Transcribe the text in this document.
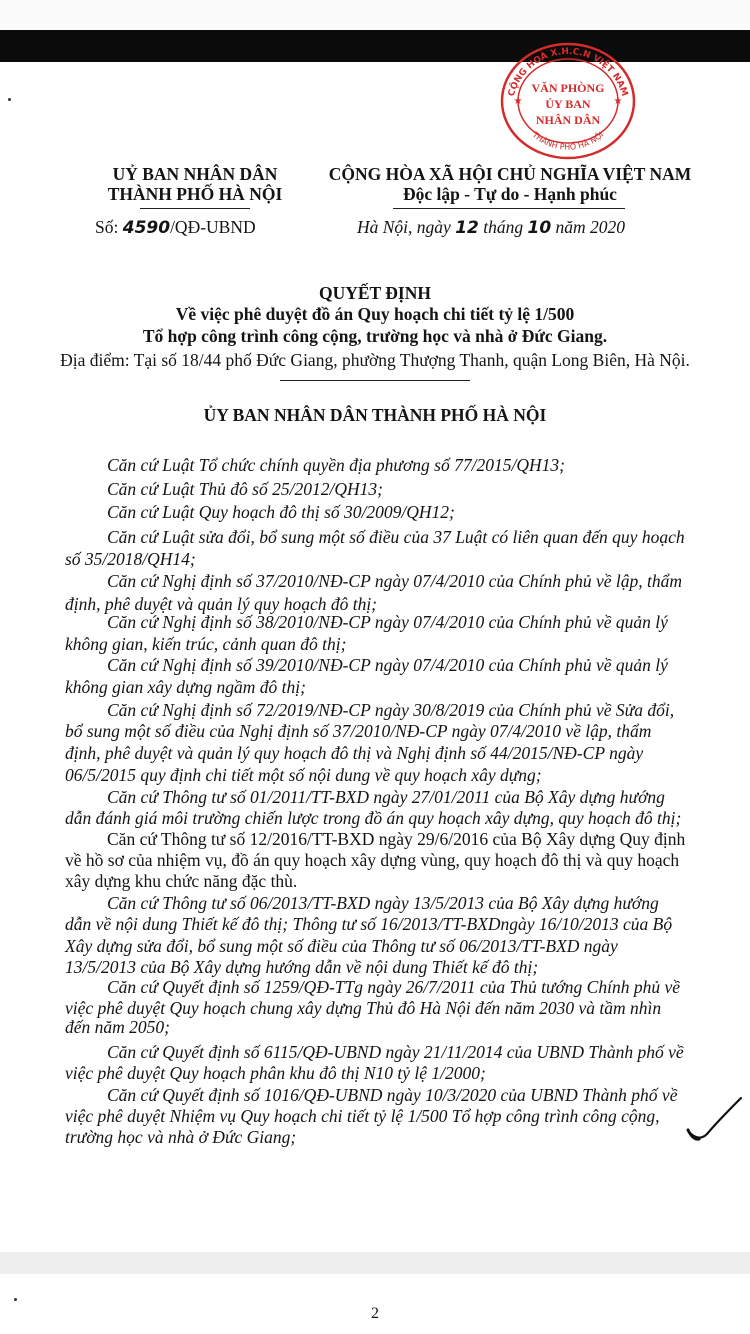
CỘNG HOÀ X.H.C.N VIỆT NAM
THÀNH PHỐ HÀ NỘI
VĂN PHÒNG
ỦY BAN
NHÂN DÂN
★	★
UỶ BAN NHÂN DÂN
THÀNH PHỐ HÀ NỘI
CỘNG HÒA XÃ HỘI CHỦ NGHĨA VIỆT NAM
Độc lập - Tự do - Hạnh phúc
Số: 4590/QĐ-UBND	Hà Nội, ngày 12 tháng 10 năm 2020
QUYẾT ĐỊNH
Về việc phê duyệt đồ án Quy hoạch chi tiết tỷ lệ 1/500
Tổ hợp công trình công cộng, trường học và nhà ở Đức Giang.
Địa điểm: Tại số 18/44 phố Đức Giang, phường Thượng Thanh, quận Long Biên, Hà Nội.
ỦY BAN NHÂN DÂN THÀNH PHỐ HÀ NỘI
Căn cứ Luật Tổ chức chính quyền địa phương số 77/2015/QH13;
Căn cứ Luật Thủ đô số 25/2012/QH13;
Căn cứ Luật Quy hoạch đô thị số 30/2009/QH12;
Căn cứ Luật sửa đổi, bổ sung một số điều của 37 Luật có liên quan đến quy hoạch
số 35/2018/QH14;
Căn cứ Nghị định số 37/2010/NĐ-CP ngày 07/4/2010 của Chính phủ về lập, thẩm
định, phê duyệt và quản lý quy hoạch đô thị;
Căn cứ Nghị định số 38/2010/NĐ-CP ngày 07/4/2010 của Chính phủ về quản lý
không gian, kiến trúc, cảnh quan đô thị;
Căn cứ Nghị định số 39/2010/NĐ-CP ngày 07/4/2010 của Chính phủ về quản lý
không gian xây dựng ngầm đô thị;
Căn cứ Nghị định số 72/2019/NĐ-CP ngày 30/8/2019 của Chính phủ về Sửa đổi,
bổ sung một số điều của Nghị định số 37/2010/NĐ-CP ngày 07/4/2010 về lập, thẩm
định, phê duyệt và quản lý quy hoạch đô thị và Nghị định số 44/2015/NĐ-CP ngày
06/5/2015 quy định chi tiết một số nội dung về quy hoạch xây dựng;
Căn cứ Thông tư số 01/2011/TT-BXD ngày 27/01/2011 của Bộ Xây dựng hướng
dẫn đánh giá môi trường chiến lược trong đồ án quy hoạch xây dựng, quy hoạch đô thị;
Căn cứ Thông tư số 12/2016/TT-BXD ngày 29/6/2016 của Bộ Xây dựng Quy định
về hồ sơ của nhiệm vụ, đồ án quy hoạch xây dựng vùng, quy hoạch đô thị và quy hoạch
xây dựng khu chức năng đặc thù.
Căn cứ Thông tư số 06/2013/TT-BXD ngày 13/5/2013 của Bộ Xây dựng hướng
dẫn về nội dung Thiết kế đô thị; Thông tư số 16/2013/TT-BXDngày 16/10/2013 của Bộ
Xây dựng sửa đổi, bổ sung một số điều của Thông tư số 06/2013/TT-BXD ngày
13/5/2013 của Bộ Xây dựng hướng dẫn về nội dung Thiết kế đô thị;
Căn cứ Quyết định số 1259/QĐ-TTg ngày 26/7/2011 của Thủ tướng Chính phủ về
việc phê duyệt Quy hoạch chung xây dựng Thủ đô Hà Nội đến năm 2030 và tầm nhìn
đến năm 2050;
Căn cứ Quyết định số 6115/QĐ-UBND ngày 21/11/2014 của UBND Thành phố về
việc phê duyệt Quy hoạch phân khu đô thị N10 tỷ lệ 1/2000;
Căn cứ Quyết định số 1016/QĐ-UBND ngày 10/3/2020 của UBND Thành phố về
việc phê duyệt Nhiệm vụ Quy hoạch chi tiết tỷ lệ 1/500 Tổ hợp công trình công cộng,
trường học và nhà ở Đức Giang;
2
